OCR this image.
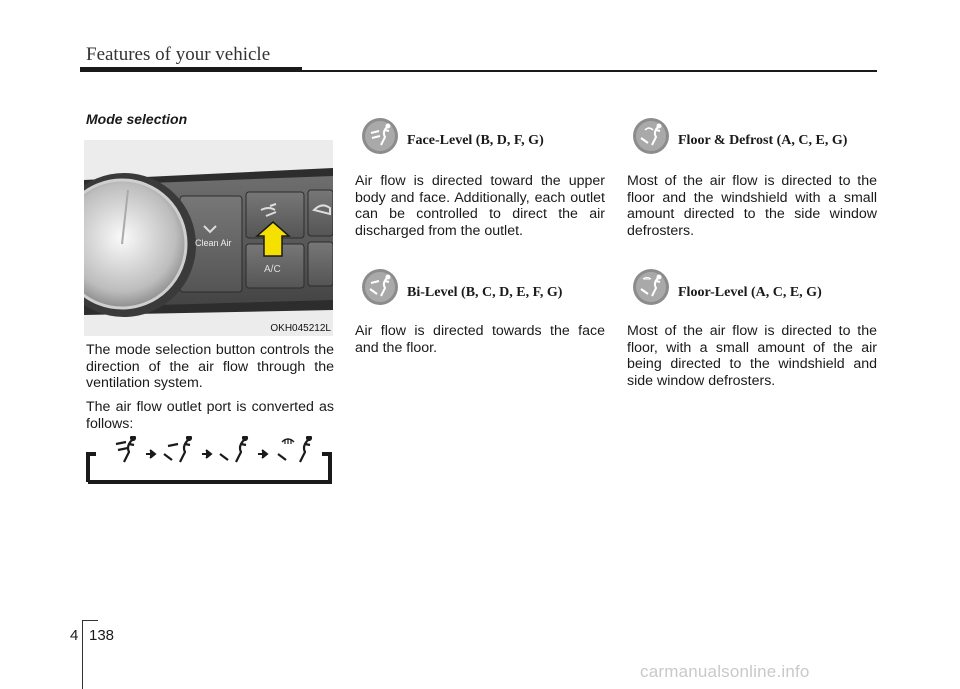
Features of your vehicle
Mode selection
Clean Air
A/C
OKH045212L
The mode selection button controls the direction of the air flow through the ventilation system.
The air flow outlet port is converted as follows:
Face-Level (B, D, F, G)
Air flow is directed toward the upper body and face. Additionally, each outlet can be controlled to direct the air discharged from the outlet.
Bi-Level (B, C, D, E, F, G)
Air flow is directed towards the face and the floor.
Floor & Defrost (A, C, E, G)
Most of the air flow is directed to the floor and the windshield with a small amount directed to the side window defrosters.
Floor-Level (A, C, E, G)
Most of the air flow is directed to the floor, with a small amount of the air being directed to the windshield and side window defrosters.
4 138
carmanualsonline.info
